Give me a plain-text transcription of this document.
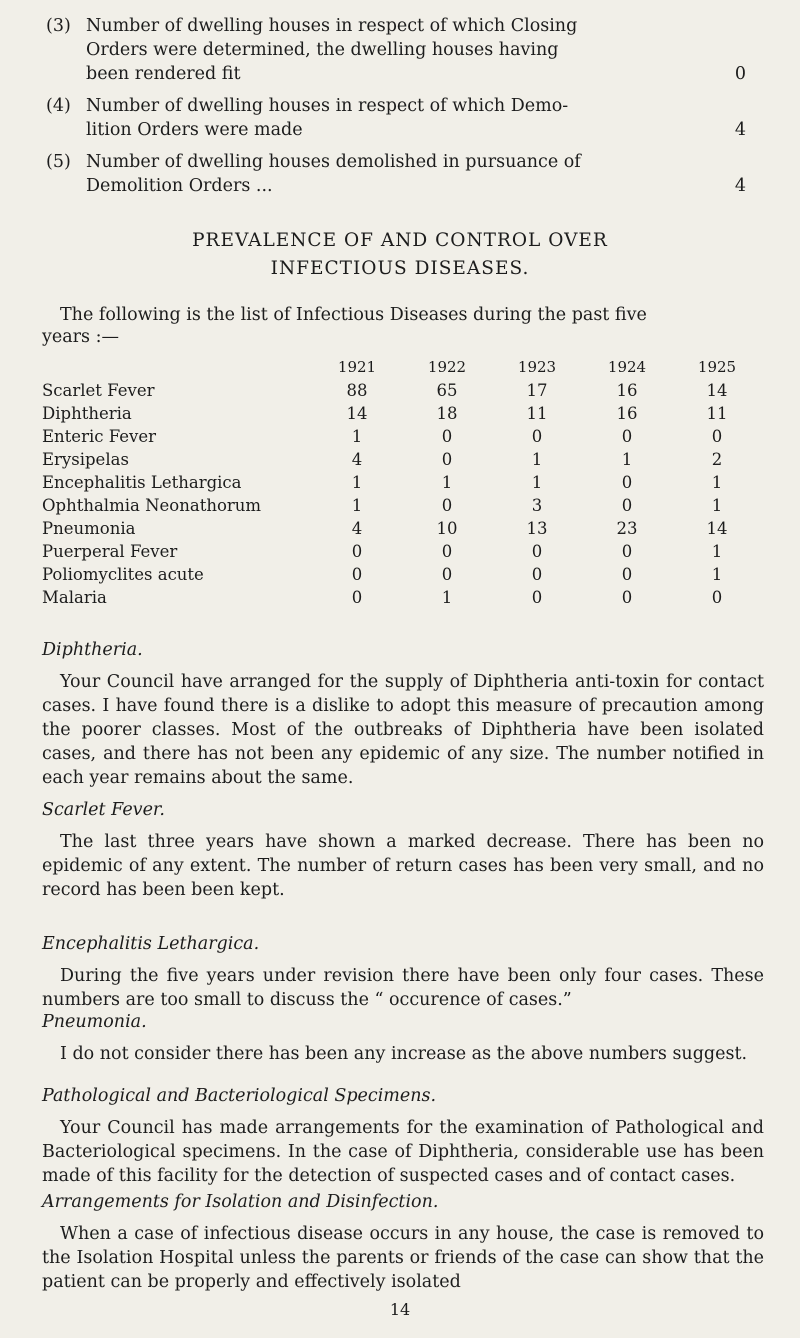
(3) Number of dwelling houses in respect of which Closing
Orders were determined, the dwelling houses having
been rendered fit	0
(4) Number of dwelling houses in respect of which Demo-
lition Orders were made	4
(5) Number of dwelling houses demolished in pursuance of
Demolition Orders ...	4
PREVALENCE OF AND CONTROL OVER
INFECTIOUS DISEASES.

The following is the list of Infectious Diseases during the past five

years :—
1921	1922	1923	1924	1925
Scarlet Fever	88	65	17	16	14
Diphtheria	14	18	11	16	11
Enteric Fever	1	0	0	0	0
Erysipelas	4	0	1	1	2
Encephalitis Lethargica	1	1	1	0	1
Ophthalmia Neonathorum	1	0	3	0	1
Pneumonia	4	10	13	23	14
Puerperal Fever	0	0	0	0	1
Poliomyclites acute	0	0	0	0	1
Malaria	0	1	0	0	0
Diphtheria.

Your Council have arranged for the supply of Diphtheria anti-toxin for contact cases. I have found there is a dislike to adopt this measure of precaution among the poorer classes. Most of the outbreaks of Diphtheria have been isolated cases, and there has not been any epidemic of any size. The number notified in each year remains about the same.

Scarlet Fever.

The last three years have shown a marked decrease. There has been no epidemic of any extent. The number of return cases has been very small, and no record has been been kept.

Encephalitis Lethargica.

During the five years under revision there have been only four cases. These numbers are too small to discuss the “ occurence of cases.”

Pneumonia.

I do not consider there has been any increase as the above numbers suggest.

Pathological and Bacteriological Specimens.

Your Council has made arrangements for the examination of Pathological and Bacteriological specimens. In the case of Diphtheria, considerable use has been made of this facility for the detection of suspected cases and of contact cases.

Arrangements for Isolation and Disinfection.

When a case of infectious disease occurs in any house, the case is removed to the Isolation Hospital unless the parents or friends of the case can show that the patient can be properly and effectively isolated

14
